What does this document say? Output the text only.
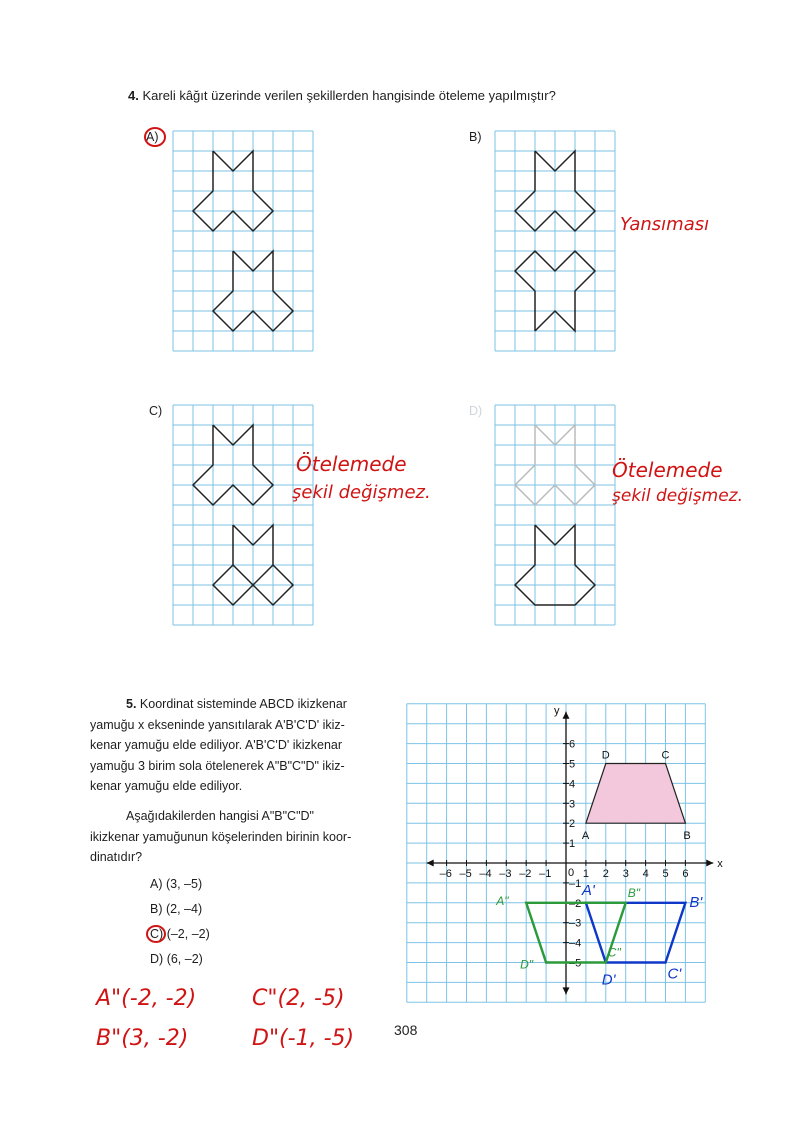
4. Kareli kâğıt üzerinde verilen şekillerden hangisinde öteleme yapılmıştır?
A)	B)
C)	D)
Yansıması
Ötelemede
şekil değişmez.
Ötelemede
şekil değişmez.
5. Koordinat sisteminde ABCD ikizkenar
yamuğu x ekseninde yansıtılarak A'B'C'D' ikiz-
kenar yamuğu elde ediliyor. A'B'C'D' ikizkenar
yamuğu 3 birim sola ötelenerek A"B"C"D" ikiz-
kenar yamuğu elde ediliyor.
Aşağıdakilerden hangisi A"B"C"D"
ikizkenar yamuğunun köşelerinden birinin koor-
dinatıdır?
A) (3, –5)
B) (2, –4)
C) (–2, –2)
D) (6, –2)
A"(-2, -2)	C"(2, -5)
B"(3, -2)	D"(-1, -5)
x
y
0
–6 –5 –4 –3 –2 –1	1 2 3 4 5 6
1
2
3
4
5
6
–1
–2
–3
–4
–5
A	B
C
D
A'
B'
C'
D'
A"
B"
C"
D"
308
